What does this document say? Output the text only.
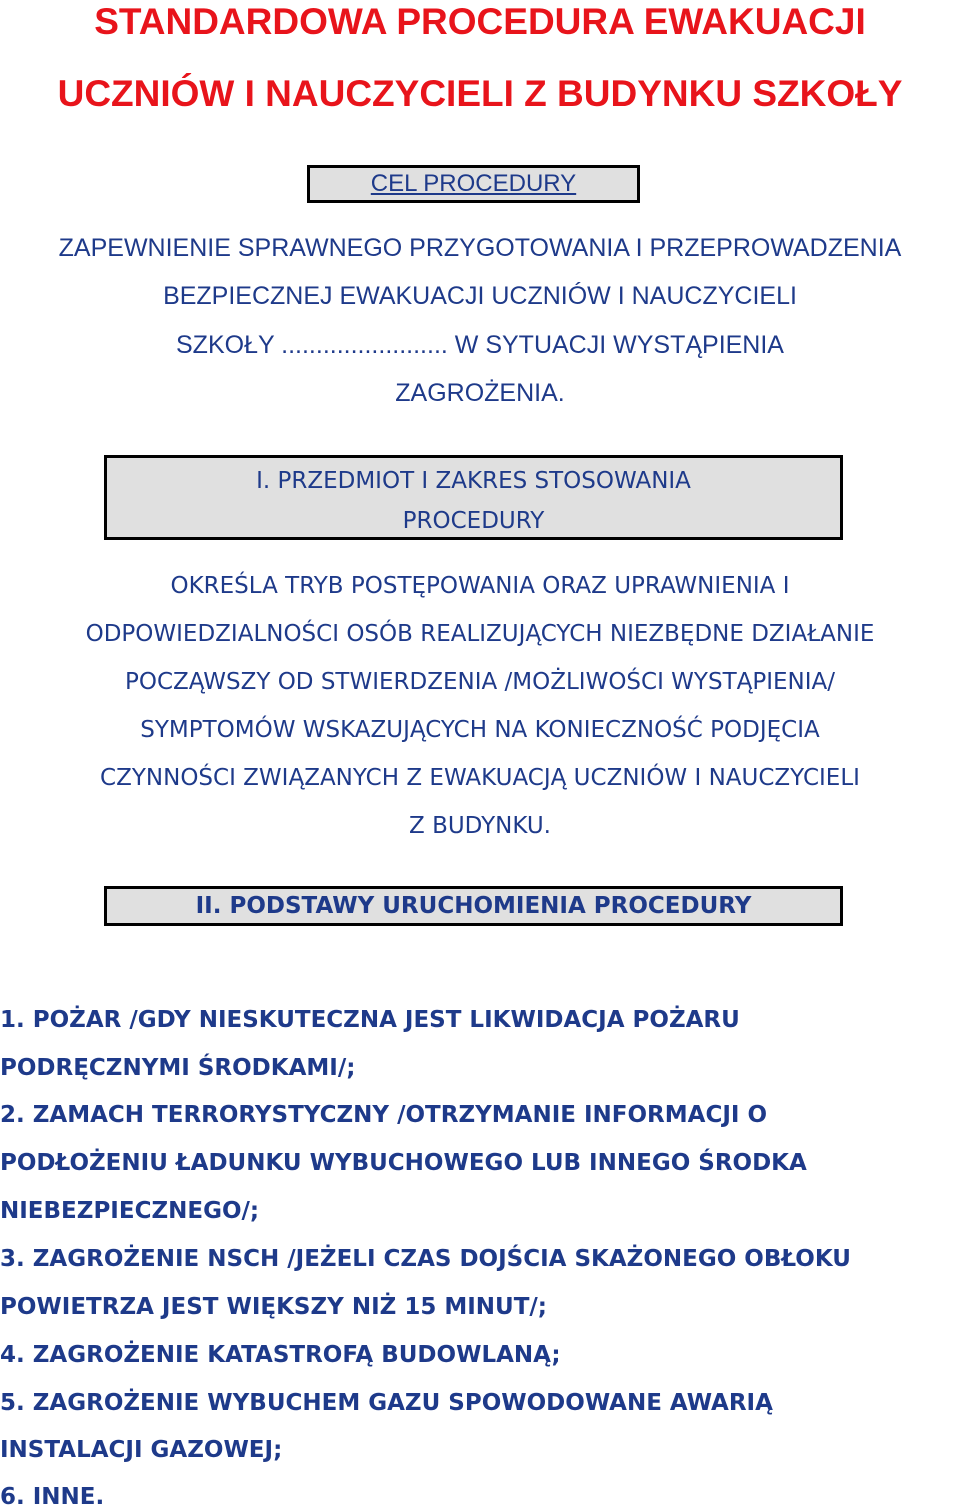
STANDARDOWA PROCEDURA EWAKUACJI
UCZNIÓW I NAUCZYCIELI Z BUDYNKU SZKOŁY
CEL PROCEDURY
ZAPEWNIENIE SPRAWNEGO PRZYGOTOWANIA I PRZEPROWADZENIA
BEZPIECZNEJ EWAKUACJI UCZNIÓW I NAUCZYCIELI
SZKOŁY ........................ W SYTUACJI WYSTĄPIENIA
ZAGROŻENIA.
I. PRZEDMIOT I ZAKRES STOSOWANIA
PROCEDURY
OKREŚLA TRYB POSTĘPOWANIA ORAZ UPRAWNIENIA I
ODPOWIEDZIALNOŚCI OSÓB REALIZUJĄCYCH NIEZBĘDNE DZIAŁANIE
POCZĄWSZY OD STWIERDZENIA /MOŻLIWOŚCI WYSTĄPIENIA/
SYMPTOMÓW WSKAZUJĄCYCH NA KONIECZNOŚĆ PODJĘCIA
CZYNNOŚCI ZWIĄZANYCH Z EWAKUACJĄ UCZNIÓW I NAUCZYCIELI
Z BUDYNKU.
II. PODSTAWY URUCHOMIENIA PROCEDURY
1. POŻAR /GDY NIESKUTECZNA JEST LIKWIDACJA POŻARU
PODRĘCZNYMI ŚRODKAMI/;
2. ZAMACH TERRORYSTYCZNY /OTRZYMANIE INFORMACJI O
PODŁOŻENIU ŁADUNKU WYBUCHOWEGO LUB INNEGO ŚRODKA
NIEBEZPIECZNEGO/;
3. ZAGROŻENIE NSCH /JEŻELI CZAS DOJŚCIA SKAŻONEGO OBŁOKU
POWIETRZA JEST WIĘKSZY NIŻ 15 MINUT/;
4. ZAGROŻENIE KATASTROFĄ BUDOWLANĄ;
5. ZAGROŻENIE WYBUCHEM GAZU SPOWODOWANE AWARIĄ
INSTALACJI GAZOWEJ;
6. INNE.
